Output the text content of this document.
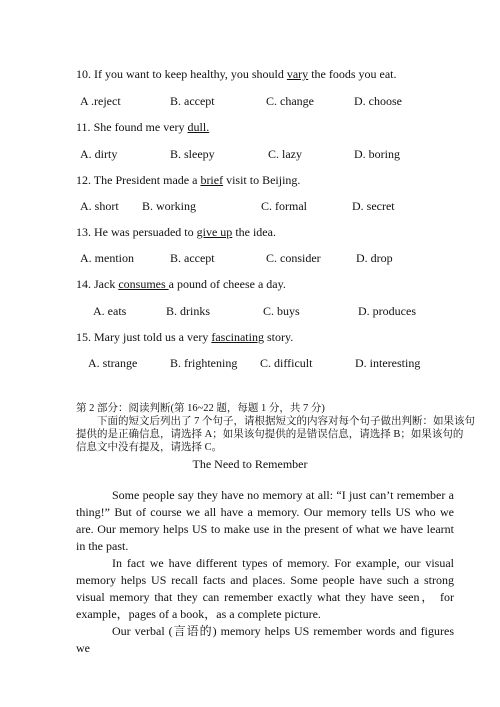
10. If you want to keep healthy, you should vary the foods you eat.
A .reject	B. accept	C. change	D. choose
11. She found me very dull.
A. dirty	B. sleepy	C. lazy	D. boring
12. The President made a brief visit to Beijing.
A. short B. working	C. formal	D. secret
13. He was persuaded to give up the idea.
A. mention	B. accept	C. consider	D. drop
14. Jack consumes a pound of cheese a day.
A. eats	B. drinks	C. buys	D. produces
15. Mary just told us a very fascinating story.
A. strange	B. frightening C. difficult	D. interesting
第 2 部分：阅读判断(第 16~22 题，每题 1 分，共 7 分)
下面的短文后列出了 7 个句子，请根据短文的内容对每个句子做出判断：如果该句
提供的是正确信息，请选择 A；如果该句提供的是错误信息，请选择 B；如果该句的
信息文中没有提及，请选择 C。
The Need to Remember
Some people say they have no memory at all: “I just can’t remember a thing!” But of course we all have a memory. Our memory tells US who we are. Our memory helps US to make use in the present of what we have learnt in the past.
In fact we have different types of memory. For example, our visual memory helps US recall facts and places. Some people have such a strong visual memory that they can remember exactly what they have seen， for example，pages of a book，as a complete picture.
Our verbal (言语的) memory helps US remember words and figures we
